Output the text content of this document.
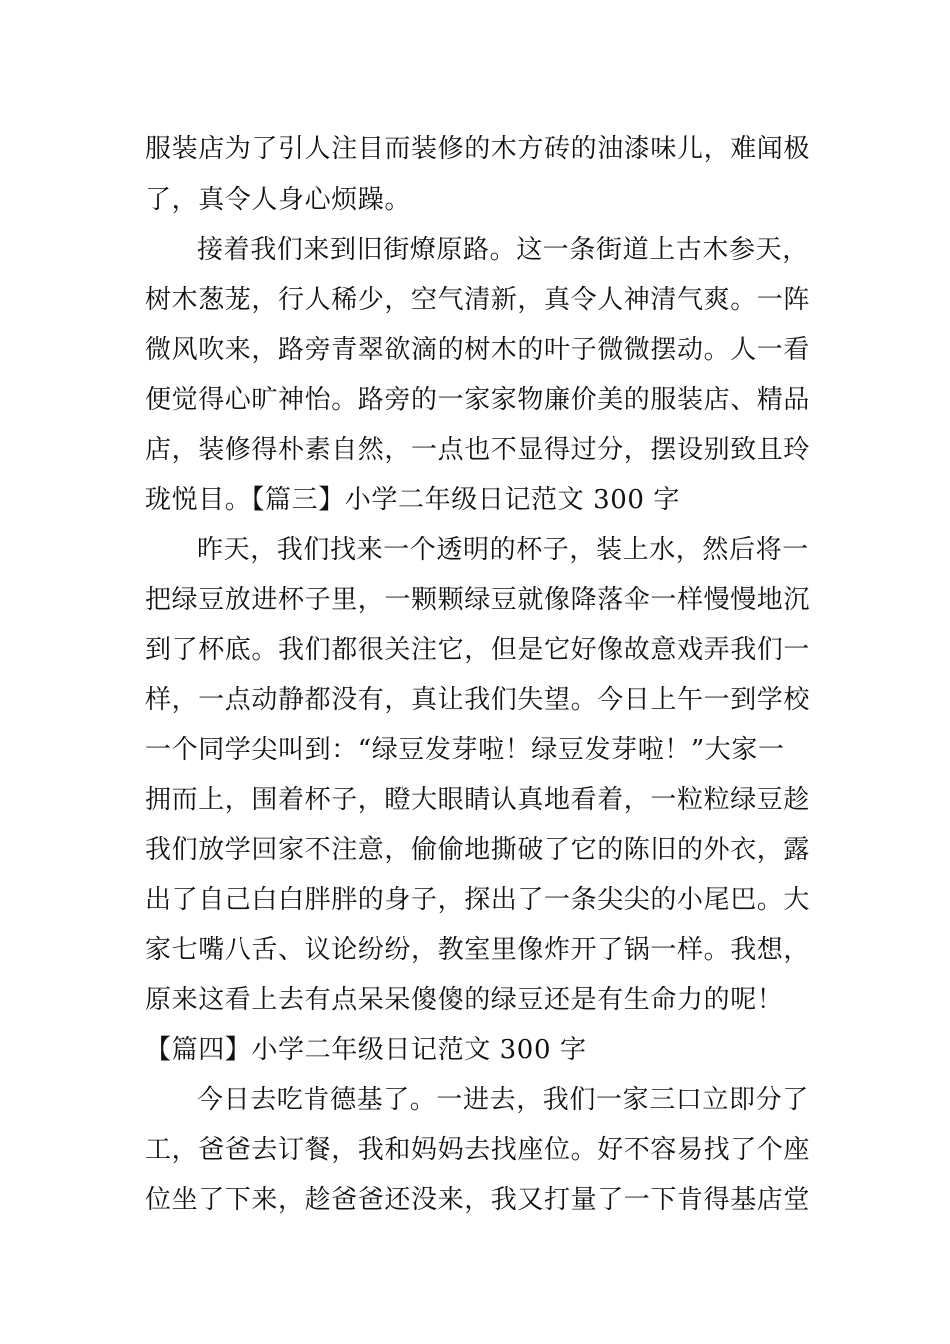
服装店为了引人注目而装修的木方砖的油漆味儿，难闻极
了，真令人身心烦躁。
接着我们来到旧街燎原路。这一条街道上古木参天，
树木葱茏，行人稀少，空气清新，真令人神清气爽。一阵
微风吹来，路旁青翠欲滴的树木的叶子微微摆动。人一看
便觉得心旷神怡。路旁的一家家物廉价美的服装店、精品
店，装修得朴素自然，一点也不显得过分，摆设别致且玲
珑悦目。【篇三】小学二年级日记范文 300 字
昨天，我们找来一个透明的杯子，装上水，然后将一
把绿豆放进杯子里，一颗颗绿豆就像降落伞一样慢慢地沉
到了杯底。我们都很关注它，但是它好像故意戏弄我们一
样，一点动静都没有，真让我们失望。今日上午一到学校
一个同学尖叫到：“绿豆发芽啦！绿豆发芽啦！”大家一
拥而上，围着杯子，瞪大眼睛认真地看着，一粒粒绿豆趁
我们放学回家不注意，偷偷地撕破了它的陈旧的外衣，露
出了自己白白胖胖的身子，探出了一条尖尖的小尾巴。大
家七嘴八舌、议论纷纷，教室里像炸开了锅一样。我想，
原来这看上去有点呆呆傻傻的绿豆还是有生命力的呢！
【篇四】小学二年级日记范文 300 字
今日去吃肯德基了。一进去，我们一家三口立即分了
工，爸爸去订餐，我和妈妈去找座位。好不容易找了个座
位坐了下来，趁爸爸还没来，我又打量了一下肯得基店堂
